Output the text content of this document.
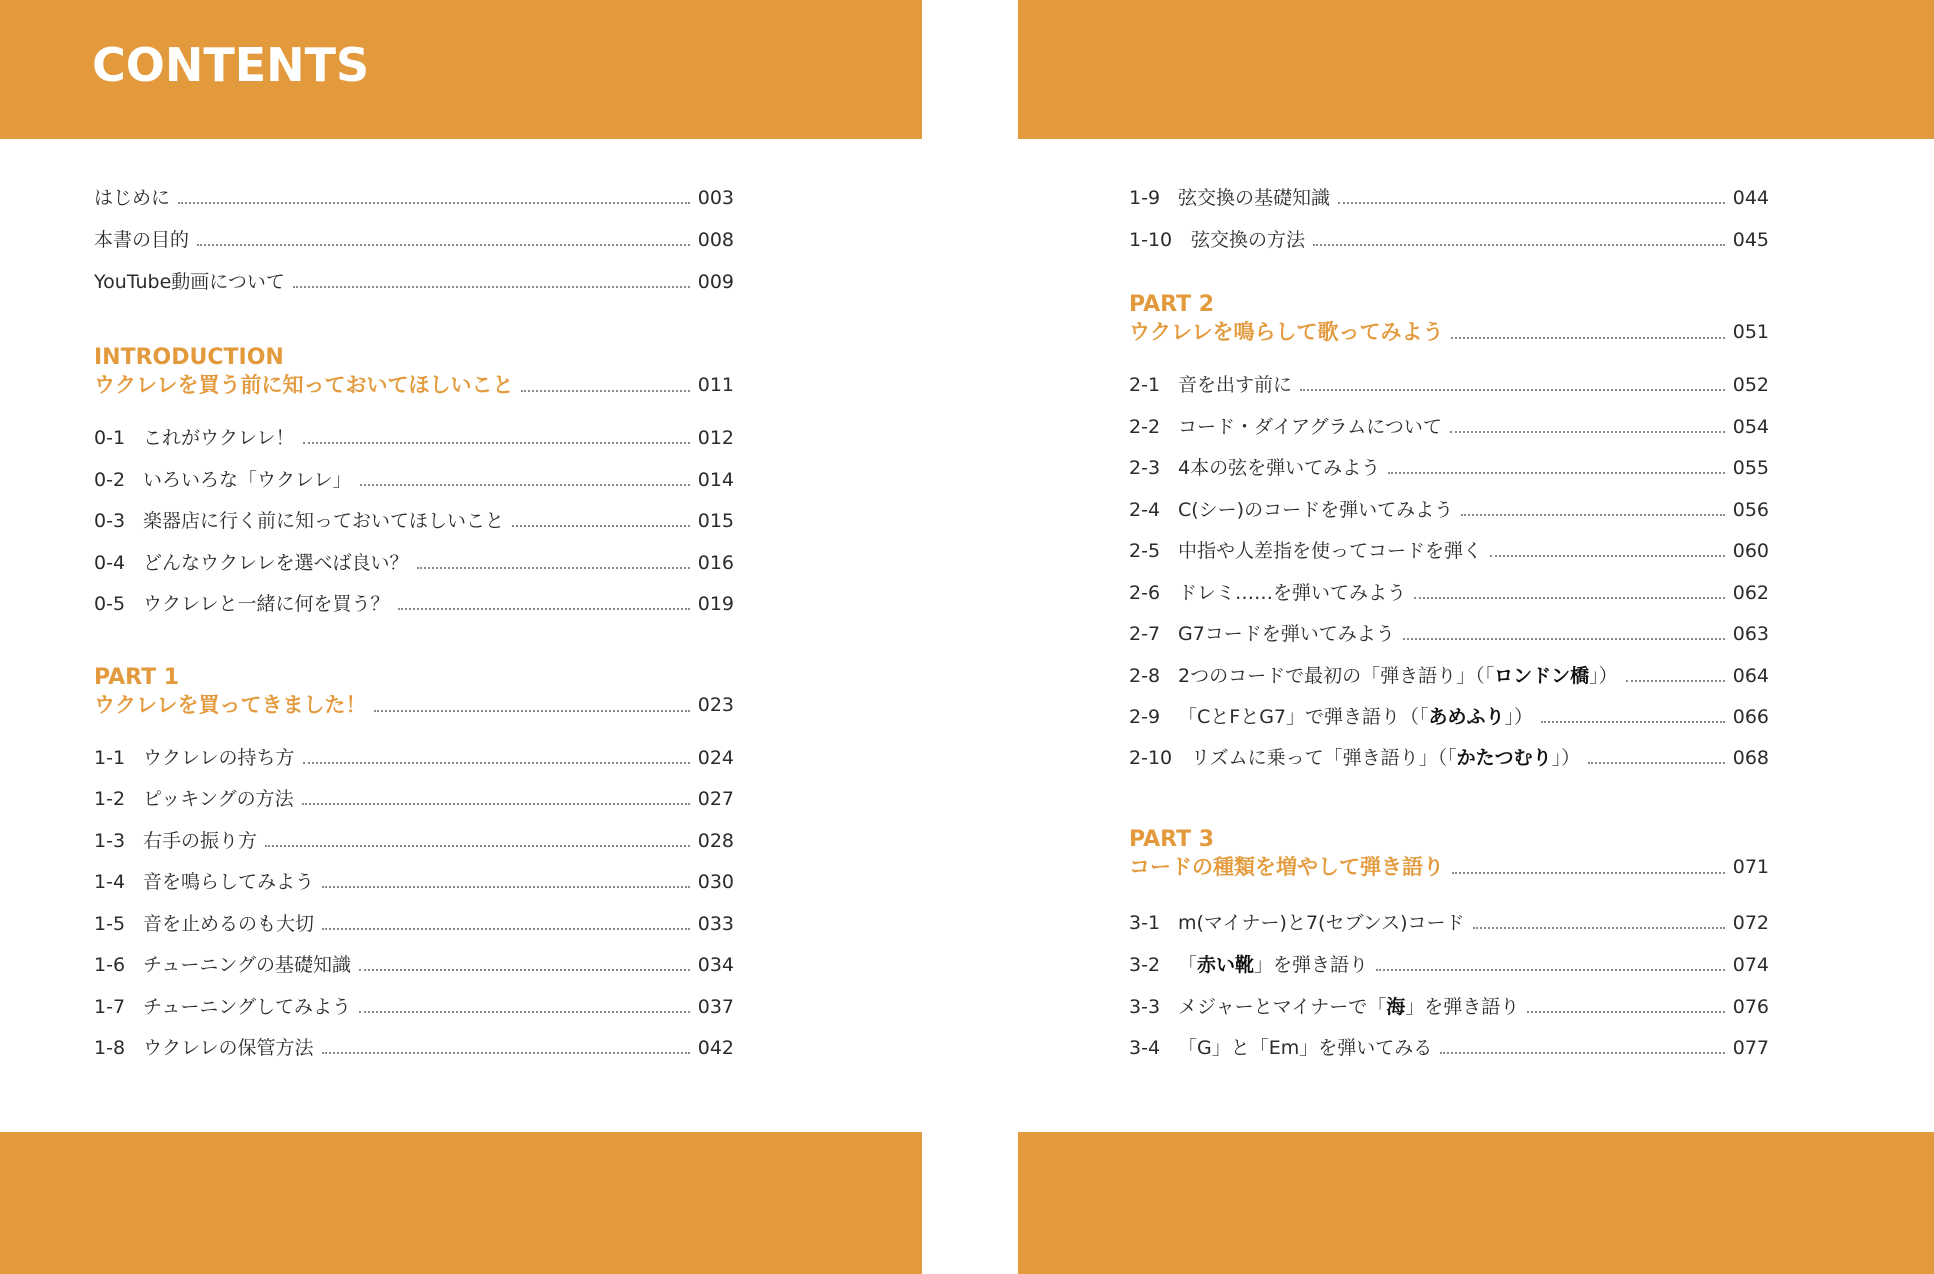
CONTENTS
はじめに	003
本書の目的	008
YouTube動画について	009
INTRODUCTION
ウクレレを買う前に知っておいてほしいこと	011
0-1 これがウクレレ！	012
0-2 いろいろな「ウクレレ」	014
0-3 楽器店に行く前に知っておいてほしいこと	015
0-4 どんなウクレレを選べば良い？	016
0-5 ウクレレと一緒に何を買う？	019
PART 1
ウクレレを買ってきました！	023
1-1 ウクレレの持ち方	024
1-2 ピッキングの方法	027
1-3 右手の振り方	028
1-4 音を鳴らしてみよう	030
1-5 音を止めるのも大切	033
1-6 チューニングの基礎知識	034
1-7 チューニングしてみよう	037
1-8 ウクレレの保管方法	042
1-9 弦交換の基礎知識	044
1-10 弦交換の方法	045
PART 2
ウクレレを鳴らして歌ってみよう	051
2-1 音を出す前に	052
2-2 コード・ダイアグラムについて	054
2-3 4本の弦を弾いてみよう	055
2-4 C(シー)のコードを弾いてみよう	056
2-5 中指や人差指を使ってコードを弾く	060
2-6 ドレミ……を弾いてみよう	062
2-7 G7コードを弾いてみよう	063
2-8 2つのコードで最初の「弾き語り」（「ロンドン橋」）	064
2-9 「CとFとG7」で弾き語り（「あめふり」）	066
2-10 リズムに乗って「弾き語り」（「かたつむり」）	068
PART 3
コードの種類を増やして弾き語り	071
3-1 m(マイナー)と7(セブンス)コード	072
3-2 「赤い靴」を弾き語り	074
3-3 メジャーとマイナーで「海」を弾き語り	076
3-4 「G」と「Em」を弾いてみる	077
